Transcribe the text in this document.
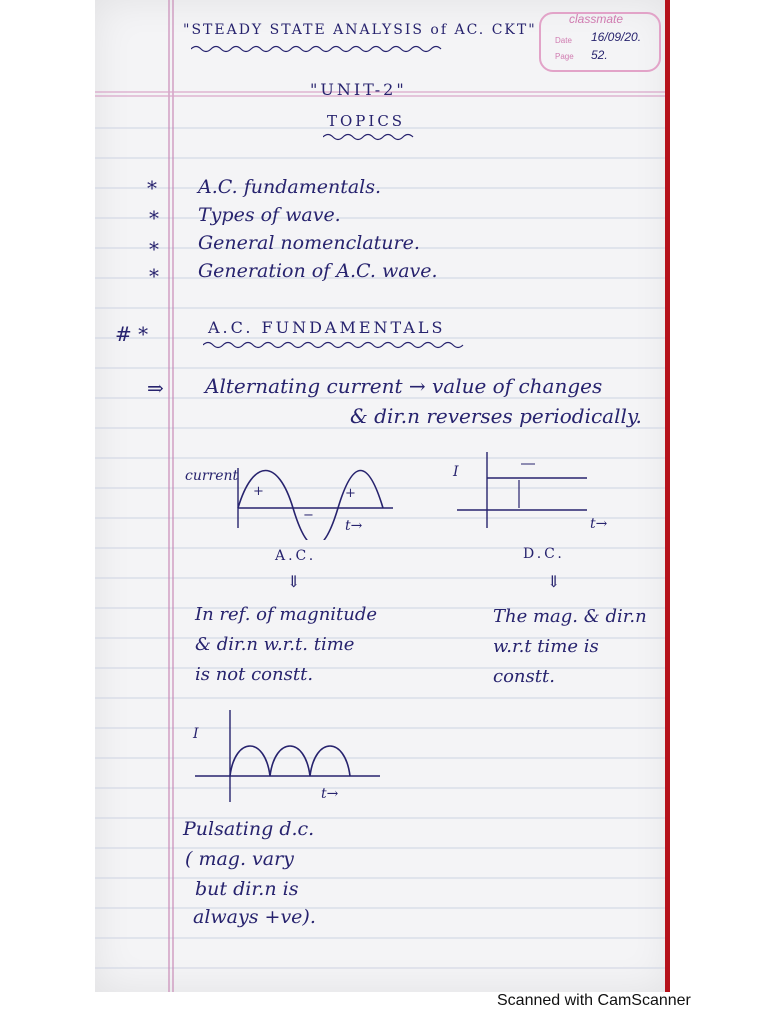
"STEADY STATE ANALYSIS of AC. CKT"
classmate
Date 16/09/20.
Page 52.
"UNIT-2"
TOPICS
* A.C. fundamentals.
* Types of wave.
* General nomenclature.
* Generation of A.C. wave.
# *	A.C. FUNDAMENTALS
⇒ Alternating current → value of changes
& dir.n reverses periodically.
current
+
−
+
t→
A.C.
⇓
In ref. of magnitude
& dir.n w.r.t. time
is not constt.
I
t→
D.C.
⇓
The mag. & dir.n
w.r.t time is
constt.
I
t→
Pulsating d.c.
( mag. vary
but dir.n is
always +ve).
Scanned with CamScanner
